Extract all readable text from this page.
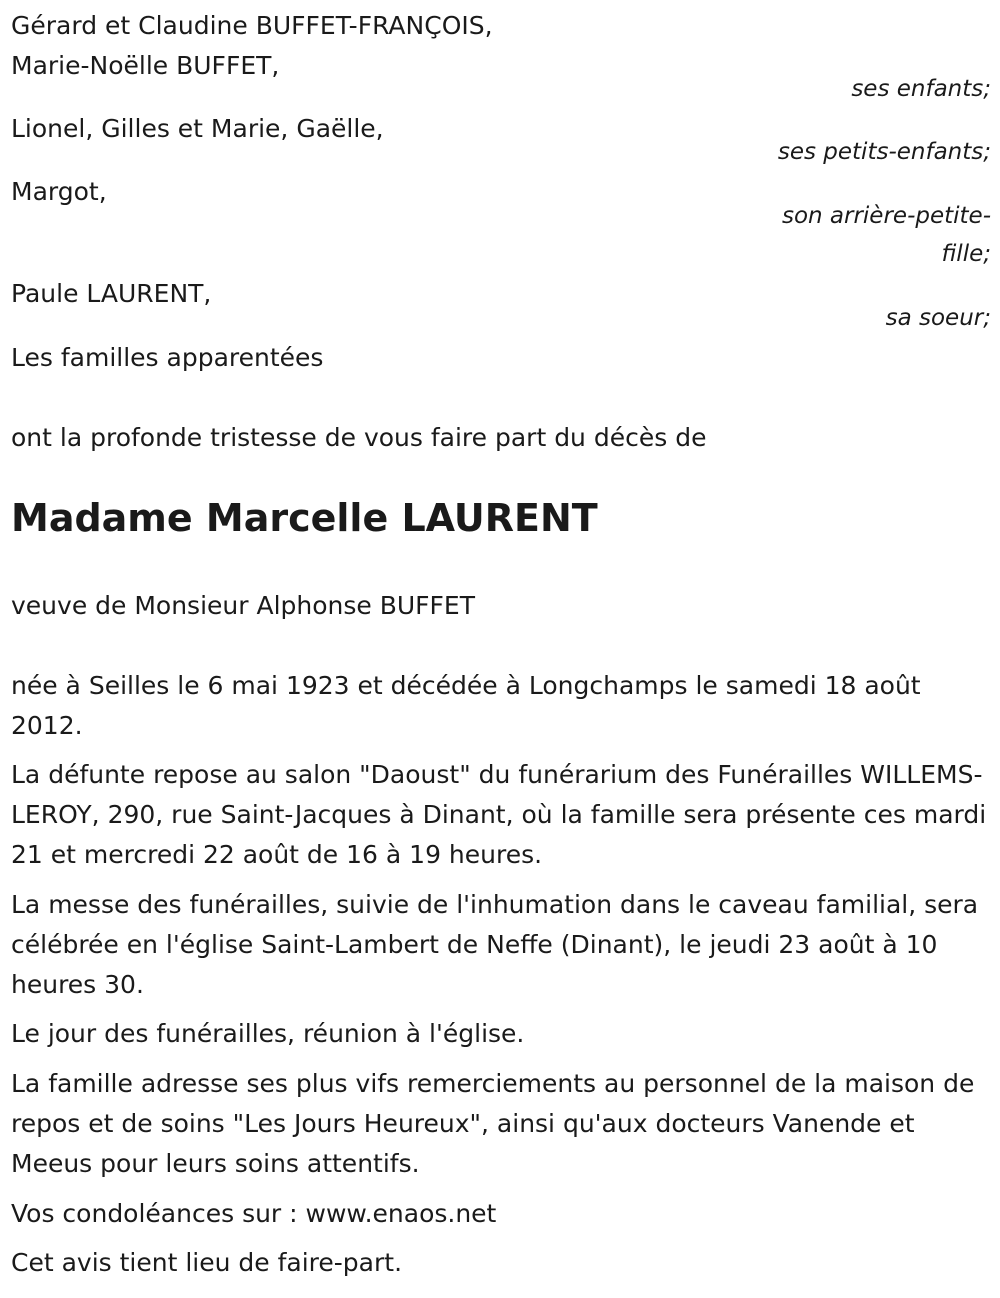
Gérard et Claudine BUFFET-FRANÇOIS,
Marie-Noëlle BUFFET,
ses enfants;
Lionel, Gilles et Marie, Gaëlle,
ses petits-enfants;
Margot,
son arrière-petite-fille;
Paule LAURENT,
sa soeur;
Les familles apparentées
ont la profonde tristesse de vous faire part du décès de
Madame Marcelle LAURENT
veuve de Monsieur Alphonse BUFFET
née à Seilles le 6 mai 1923 et décédée à Longchamps le samedi 18 août 2012.
La défunte repose au salon "Daoust" du funérarium des Funérailles WILLEMS-LEROY, 290, rue Saint-Jacques à Dinant, où la famille sera présente ces mardi 21 et mercredi 22 août de 16 à 19 heures.
La messe des funérailles, suivie de l'inhumation dans le caveau familial, sera célébrée en l'église Saint-Lambert de Neffe (Dinant), le jeudi 23 août à 10 heures 30.
Le jour des funérailles, réunion à l'église.
La famille adresse ses plus vifs remerciements au personnel de la maison de repos et de soins "Les Jours Heureux", ainsi qu'aux docteurs Vanende et Meeus pour leurs soins attentifs.
Vos condoléances sur : www.enaos.net
Cet avis tient lieu de faire-part.
